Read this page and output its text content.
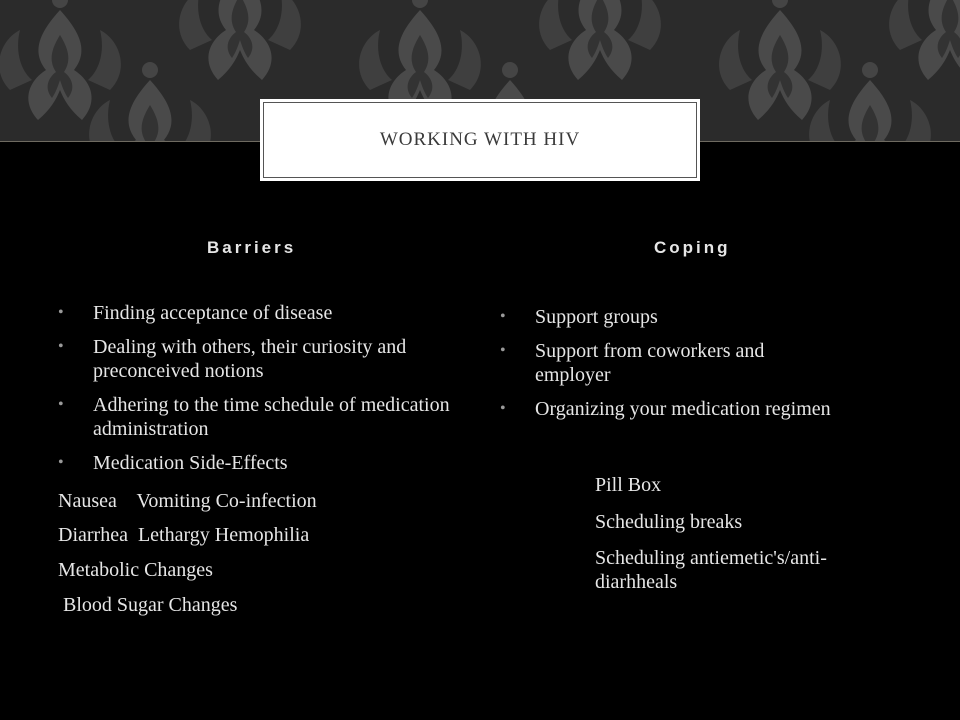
WORKING WITH HIV
Barriers	Coping
• Finding acceptance of disease
• Dealing with others, their curiosity and preconceived notions
• Adhering to the time schedule of medication administration
• Medication Side-Effects
Nausea    Vomiting Co-infection
Diarrhea  Lethargy Hemophilia
Metabolic Changes
Blood Sugar Changes
• Support groups
• Support from coworkers and employer
• Organizing your medication regimen
Pill Box
Scheduling breaks
Scheduling antiemetic's/anti-diarhheals
